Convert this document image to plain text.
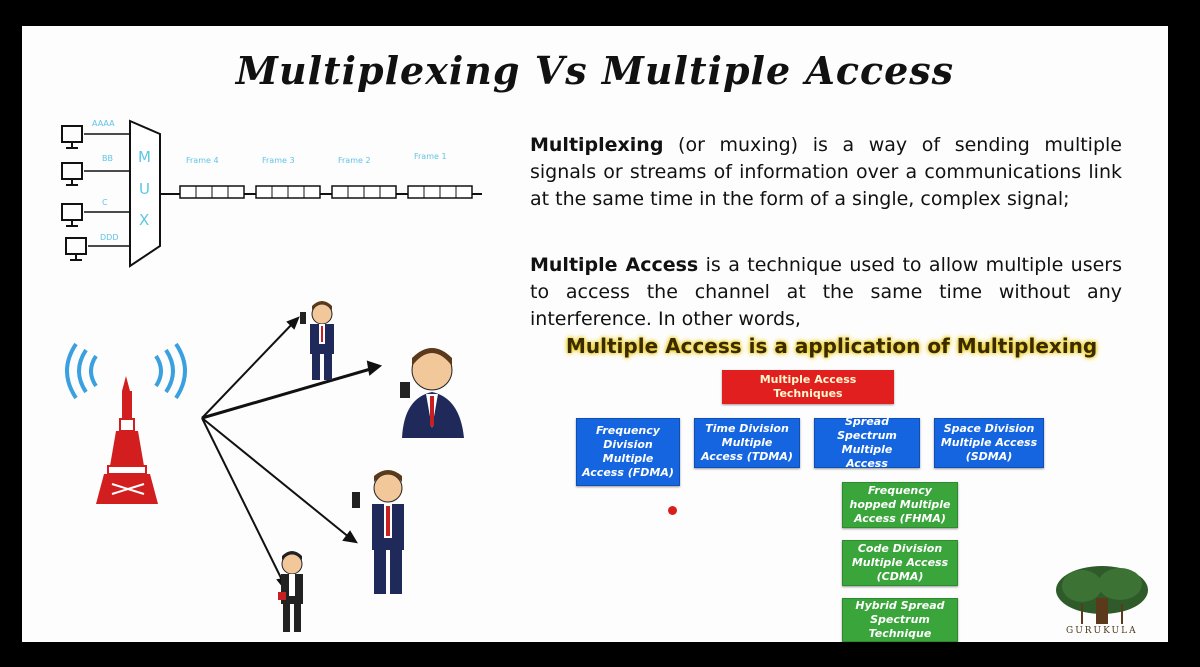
Multiplexing Vs Multiple Access
M
U
X
AAAA
BB
C
DDD
Frame 4	Frame 3	Frame 2	Frame 1
Multiplexing (or muxing) is a way of sending multiple signals or streams of information over a communications link at the same time in the form of a single, complex signal;
Multiple Access is a technique used to allow multiple users to access the channel at the same time without any interference. In other words,
Multiple Access is a application of Multiplexing
Multiple Access Techniques
Frequency Division Multiple Access (FDMA)
Time Division Multiple Access (TDMA)
Spread Spectrum Multiple Access
Space Division Multiple Access (SDMA)
Frequency hopped Multiple Access (FHMA)
Code Division Multiple Access (CDMA)
Hybrid Spread Spectrum Technique	GURUKULA
